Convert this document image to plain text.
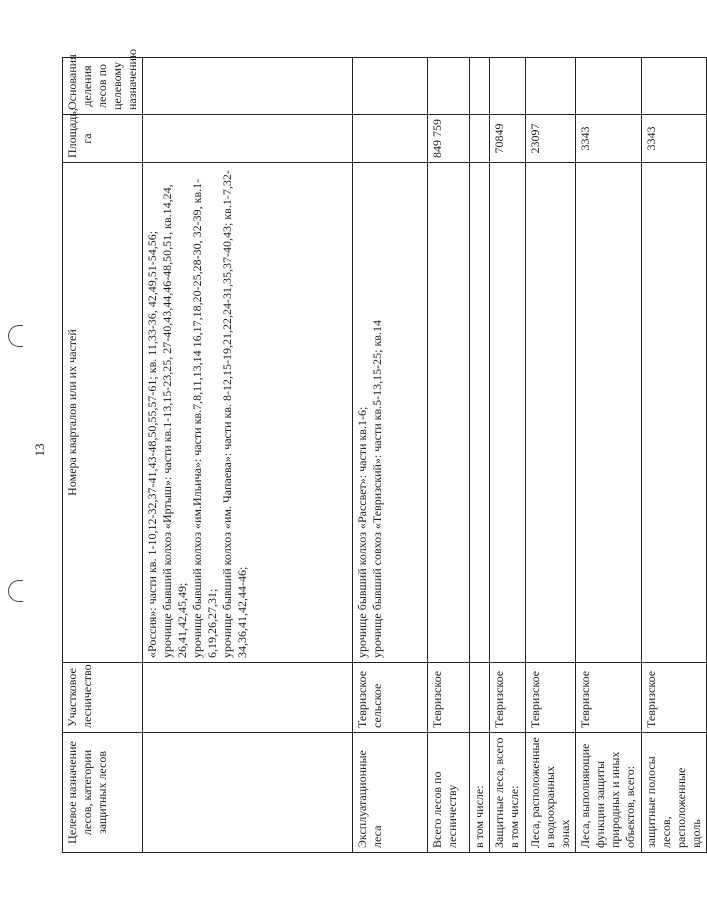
13
Целевое назначение лесов, категории защитных лесов	Участковое лесничество	Номера кварталов или их частей	Площадь, га	Основания деления лесов по целевому назначению

		«Россия»: части кв. 1-10,12-32,37-41,43-48,50,55,57-61; кв. 11,33-36, 42,49,51-54,56; урочище бывший колхоз «Иртыш»: части кв.1-13,15-23,25, 27-40,43,44,46-48,50,51, кв.14,24, 26,41,42,45,49; урочище бывший колхоз «им.Ильича»: части кв.7,8,11,13,14 16,17,18,20-25,28-30, 32-39, кв.1-6,19,26,27,31; урочище бывший колхоз «им. Чапаева»: части кв. 8-12,15-19,21,22,24-31,35,37-40,43; кв.1-7,32-34,36,41,42,44-46;		

Эксплуатационные леса	Тевризское сельское	урочище бывший колхоз «Рассвет»: части кв.1-6; урочище бывший совхоз «Тевризский»: части кв.5-13,15-25; кв.14		

Всего лесов по лесничеству	Тевризское		849 759	
в том числе:				
Защитные леса, всего в том числе:	Тевризское		70849	
Леса, расположенные в водоохранных зонах	Тевризское		23097	
Леса, выполняющие функции защиты природных и иных объектов, всего:	Тевризское		3343	
защитные полосы лесов, расположенные вдоль	Тевризское		3343	
